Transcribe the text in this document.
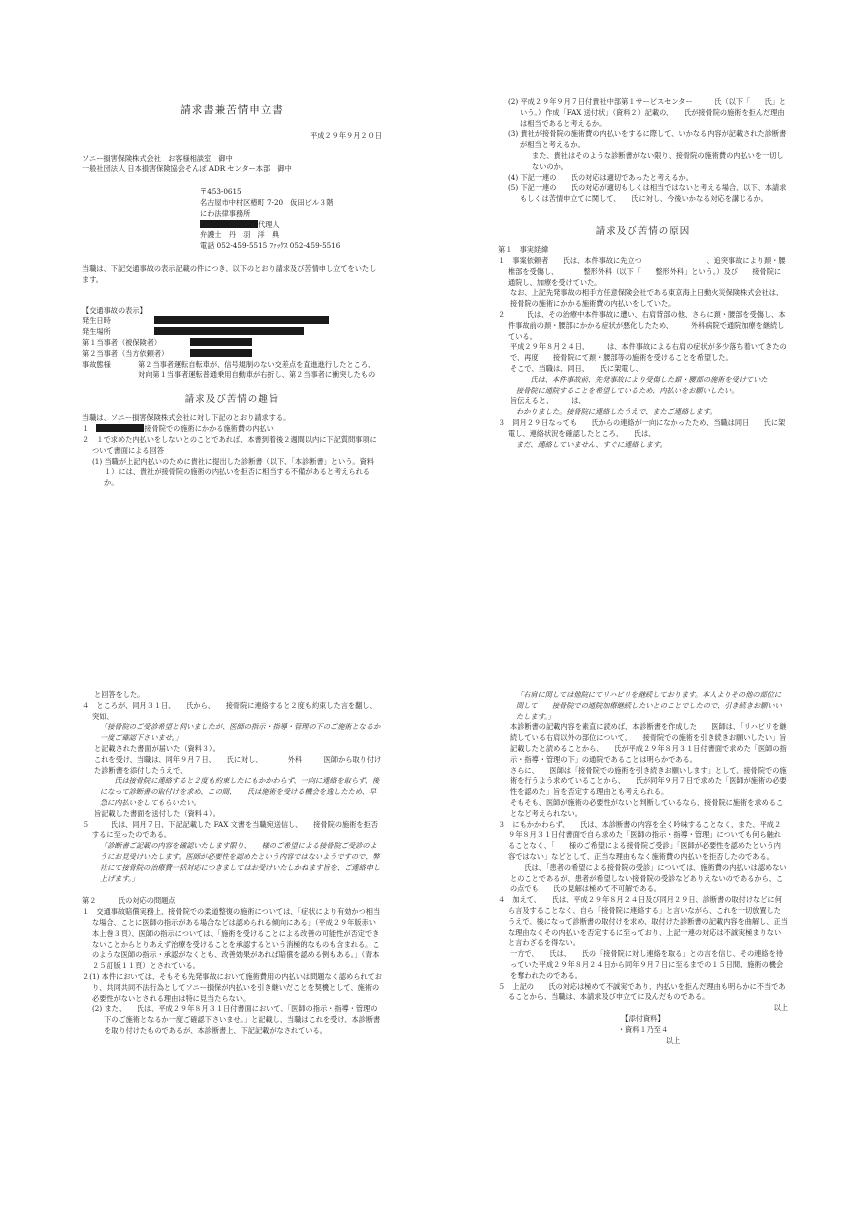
請求書兼苦情申立書

平成２９年９月２０日

ソニー損害保険株式会社　お客様相談室　御中

一般社団法人 日本損害保険協会そんぽ ADR センター本部　御中

〒453-0615

名古屋市中村区椿町 7-20　仮田ビル３階

にわ法律事務所

代理人

弁護士　丹　羽　洋　典

電話 052-459-5515 ﾌｧｯｸｽ 052-459-5516

当職は、下記交通事故の表示記載の件につき、以下のとおり請求及び苦情申し立てをいたします。

【交通事故の表示】

発生日時
発生場所
第１当事者（被保険者）
第２当事者（当方依頼者）
事故態様	第２当事者運転自転車が、信号規制のない交差点を直進進行したところ、対向第１当事者運転普通乗用自動車が右折し、第２当事者に衝突したもの

請求及び苦情の趣旨

当職は、ソニー損害保険株式会社に対し下記のとおり請求する。

１　	接骨院での施術にかかる施術費の内払い

２　１で求めた内払いをしないとのことであれば、本書到着後２週間以内に下記質問事項について書面による回答

(1) 当職が上記内払いのために貴社に提出した診断書（以下、「本診断書」という。資料１）には、貴社が接骨院の施術の内払いを拒否に相当する不備があると考えられるか。

(2) 平成２９年９月７日付貴社中部第１サービスセンター　　　氏（以下「　　氏」という。）作成「FAX 送付状」（資料２）記載の、　　氏が接骨院の施術を拒んだ理由は相当であると考えるか。

(3) 貴社が接骨院の施術費の内払いをするに際して、いかなる内容が記載された診断書が相当と考えるか。

また、貴社はそのような診断書がない限り、接骨院の施術費の内払いを一切しないのか。

(4) 下記一連の　　氏の対応は適切であったと考えるか。

(5) 下記一連の　　氏の対応が適切もしくは相当ではないと考える場合、以下、本請求もしくは苦情申立てに関して、　　氏に対し、今後いかなる対応を講じるか。

請求及び苦情の原因

第１　事実経緯

１　事案依頼者　　氏は、本件事故に先立つ　　　　　　　　　、追突事故により頚・腰椎部を受傷し、　　　　整形外科（以下「　　整形外科」という。）及び　　接骨院に通院し、加療を受けていた。

なお、上記先発事故の相手方任意保険会社である東京海上日動火災保険株式会社は、　　接骨院の施術にかかる施術費の内払いをしていた。

２　　　氏は、その治療中本件事故に遭い、右肩背部の他、さらに頚・腰部を受傷し、本件事故前の頚・腰部にかかる症状が悪化したため、　　　外科病院で通院加療を継続している。

平成２９年８月２４日、　　　は、本件事故による右肩の症状が多少落ち着いてきたので、再度　　接骨院にて頚・腰部等の施術を受けることを希望した。

そこで、当職は、同日、　　氏に架電し、

　　氏は、本件事故前、先発事故により受傷した頚・腰部の施術を受けていた　　接骨院に通院することを希望しているため、内払いをお願いしたい。

旨伝えると、　　　は、

わかりました。接骨院に連絡したうえで、またご連絡します。

３　同月２９日なっても　　氏からの連絡が一向になかったため、当職は同日　　氏に架電し、連絡状況を確認したところ、　　氏は、

まだ、連絡していません、すぐに連絡します。

と回答をした。

４　ところが、同月３１日、　　氏から、　　接骨院に連絡すると２度も約束した言を翻し、突如、

「接骨院のご受診希望と伺いましたが、医師の指示・指導・管理の下のご施術となるか一度ご確認下さいませ。」

と記載された書面が届いた（資料３）。

これを受け、当職は、同年９月７日、　　氏に対し、　　　　外科　　　医師から取り付けた診断書を添付したうえで、

　　氏は接骨院に連絡すると２度も約束したにもかかわらず、一向に連絡を取らず、後になって診断書の取付けを求め、この間、　　氏は施術を受ける機会を逸したため、早急に内払いをしてもらいたい。

旨記載した書面を送付した（資料４）。

５　　　氏は、同月７日、下記記載した FAX 文書を当職宛送信し、　　接骨院の施術を拒否するに至ったのである。

「診断書ご記載の内容を確認いたします限り、　　様のご希望による接骨院ご受診のようにお見受けいたします。医師が必要性を認めたという内容ではないようですので、弊社にて接骨院の治療費一括対応につきましてはお受けいたしかねます旨を、ご連絡申し上げます。」

第２　　　氏の対応の問題点

１　交通事故賠償実務上、接骨院での柔道整復の施術については、「症状により有効かつ相当な場合、ことに医師の指示がある場合などは認められる傾向にある」（平成２９年版赤い本上巻３頁）、医師の指示については、「施術を受けることによる改善の可能性が否定できないことからとりあえず治療を受けることを承認するという消極的なものも含まれる。このような医師の指示・承認がなくとも、改善効果があれば賠償を認める例もある。」（青本２５訂版１１頁）とされている。

２(1) 本件においては、そもそも先発事故において施術費用の内払いは問題なく認められており、共同共同不法行為としてソニー損保が内払いを引き継いだことを契機として、施術の必要性がないとされる理由は特に見当たらない。

(2) また、　　氏は、平成２９年８月３１日付書面において、「医師の指示・指導・管理の下のご施術となるか一度ご確認下さいませ。」と記載し、当職はこれを受け、本診断書を取り付けたものであるが、本診断書上、下記記載がなされている。

「右肩に関しては他院にてリハビリを継続しております。本人よりその他の部位に関して　　接骨院での通院加療継続したいとのことでしたので、引き続きお願いいたします。」

本診断書の記載内容を素直に読めば、本診断書を作成した　　医師は、「リハビリを継続している右肩以外の部位について、　　接骨院での施術を引き続きお願いしたい」旨記載したと読めることから、　　氏が平成２９年８月３１日付書面で求めた「医師の指示・指導・管理の下」の通院であることは明らかである。

さらに、　　医師は「接骨院での施術を引き続きお願いします」として、接骨院での施術を行うよう求めていることから、　　氏が同年９月７日で求めた「医師が施術の必要性を認めた」旨を否定する理由とも考えられる。

そもそも、医師が施術の必要性がないと判断しているなら、接骨院に施術を求めることなど考えられない。

３　にもかかわらず、　　氏は、本診断書の内容を全く吟味することなく、また、平成２９年８月３１日付書面で自ら求めた「医師の指示・指導・管理」についても何ら触れることなく、「　　様のご希望による接骨院ご受診」「医師が必要性を認めたという内容ではない」などとして、正当な理由もなく施術費の内払いを拒否したのである。

　　氏は、「患者の希望による接骨院の受診」については、施術費の内払いは認めないとのことであるが、患者が希望しない接骨院の受診などありえないのであるから、この点でも　　氏の見解は極めて不可解である。

４　加えて、　　氏は、平成２９年８月２４日及び同月２９日、診断書の取付けなどに何ら言及することなく、自ら「接骨院に連絡する」と言いながら、これを一切放置したうえで、後になって診断書の取付けを求め、取付けた診断書の記載内容を曲解し、正当な理由なくその内払いを否定するに至っており、上記一連の対応は不誠実極まりないと言わざるを得ない。

一方で、　　氏は、　　氏の「接骨院に対し連絡を取る」との言を信じ、その連絡を待っていた平成２９年８月２４日から同年９月７日に至るまでの１５日間、施術の機会を奪われたのである。

５　上記の　　氏の対応は極めて不誠実であり、内払いを拒んだ理由も明らかに不当であることから、当職は、本請求及び申立てに及んだものである。

以上

【添付資料】

・資料１乃至４

以上
